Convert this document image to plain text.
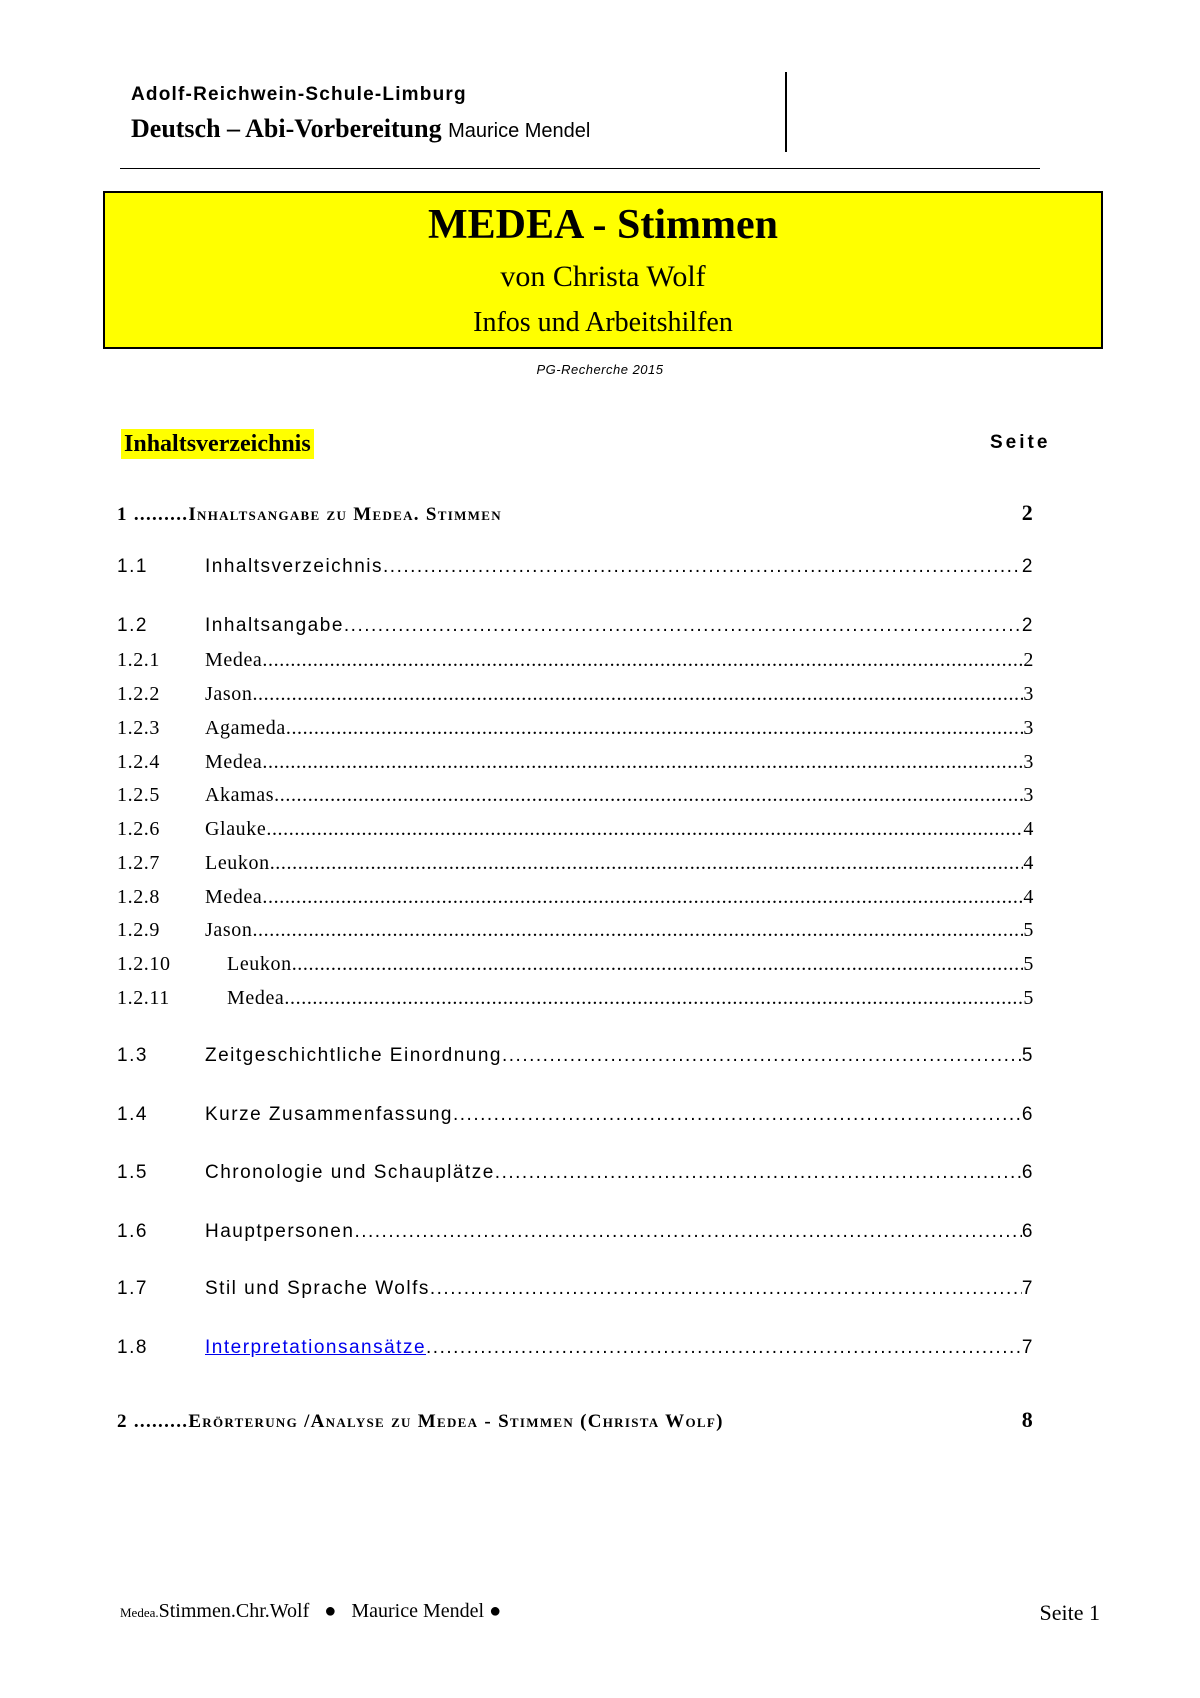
Adolf-Reichwein-Schule-Limburg
Deutsch – Abi-Vorbereitung Maurice Mendel
MEDEA - Stimmen
von Christa Wolf
Infos und Arbeitshilfen
PG-Recherche 2015
Inhaltsverzeichnis	Seite
1 ......... Inhaltsangabe zu Medea. Stimmen	2
1.1	Inhaltsverzeichnis .....	2
1.2	Inhaltsangabe .....	2
1.2.1	Medea .....	2
1.2.2	Jason .....	3
1.2.3	Agameda .....	3
1.2.4	Medea .....	3
1.2.5	Akamas .....	3
1.2.6	Glauke .....	4
1.2.7	Leukon .....	4
1.2.8	Medea .....	4
1.2.9	Jason .....	5
1.2.10	Leukon .....	5
1.2.11	Medea .....	5
1.3	Zeitgeschichtliche Einordnung .....	5
1.4	Kurze Zusammenfassung .....	6
1.5	Chronologie und Schauplätze .....	6
1.6	Hauptpersonen .....	6
1.7	Stil und Sprache Wolfs .....	7
1.8	Interpretationsansätze .....	7
2 ......... Erörterung /Analyse zu Medea - Stimmen (Christa Wolf)	8
Medea.Stimmen.Chr.Wolf ● Maurice Mendel ●	Seite 1
